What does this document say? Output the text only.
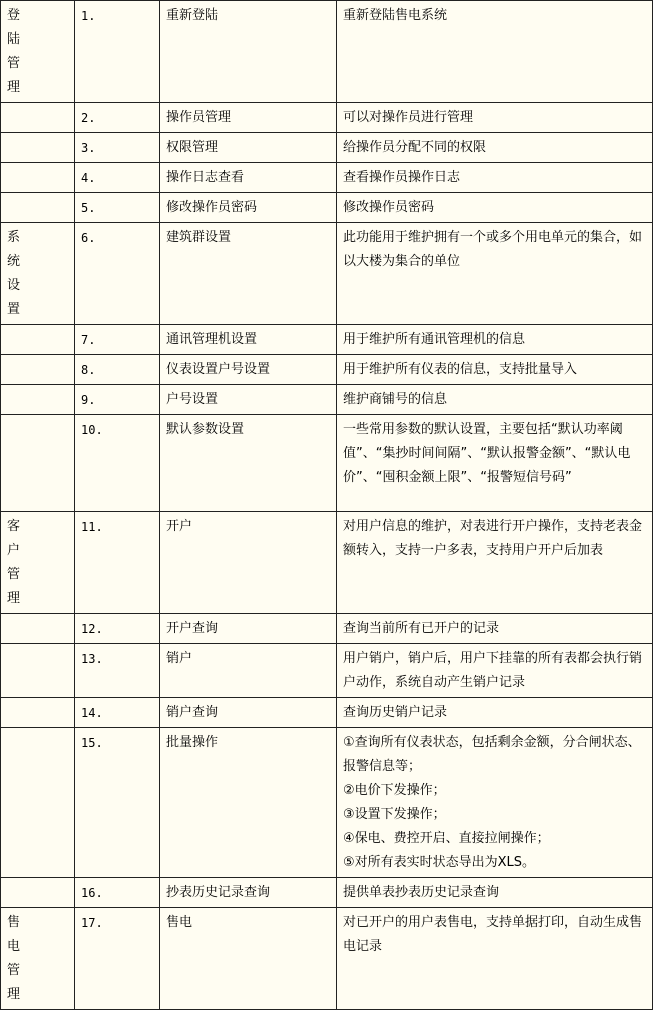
登
陆
管
理	1.	重新登陆	重新登陆售电系统

	2.	操作员管理	可以对操作员进行管理

	3.	权限管理	给操作员分配不同的权限

	4.	操作日志查看	查看操作员操作日志

	5.	修改操作员密码	修改操作员密码

系
统
设
置	6.	建筑群设置	此功能用于维护拥有一个或多个用电单元的集合，如以大楼为集合的单位

	7.	通讯管理机设置	用于维护所有通讯管理机的信息

	8.	仪表设置户号设置	用于维护所有仪表的信息，支持批量导入

	9.	户号设置	维护商铺号的信息

	10.	默认参数设置	一些常用参数的默认设置，主要包括“默认功率阈值”、“集抄时间间隔”、“默认报警金额”、“默认电价”、“囤积金额上限”、“报警短信号码”

客
户
管
理	11.	开户	对用户信息的维护，对表进行开户操作，支持老表金额转入，支持一户多表，支持用户开户后加表

	12.	开户查询	查询当前所有已开户的记录

	13.	销户	用户销户，销户后，用户下挂靠的所有表都会执行销户动作，系统自动产生销户记录

	14.	销户查询	查询历史销户记录

	15.	批量操作	①查询所有仪表状态，包括剩余金额，分合闸状态、报警信息等；
②电价下发操作；
③设置下发操作；
④保电、费控开启、直接拉闸操作；
⑤对所有表实时状态导出为XLS。

	16.	抄表历史记录查询	提供单表抄表历史记录查询

售
电
管
理	17.	售电	对已开户的用户表售电，支持单据打印，自动生成售电记录
